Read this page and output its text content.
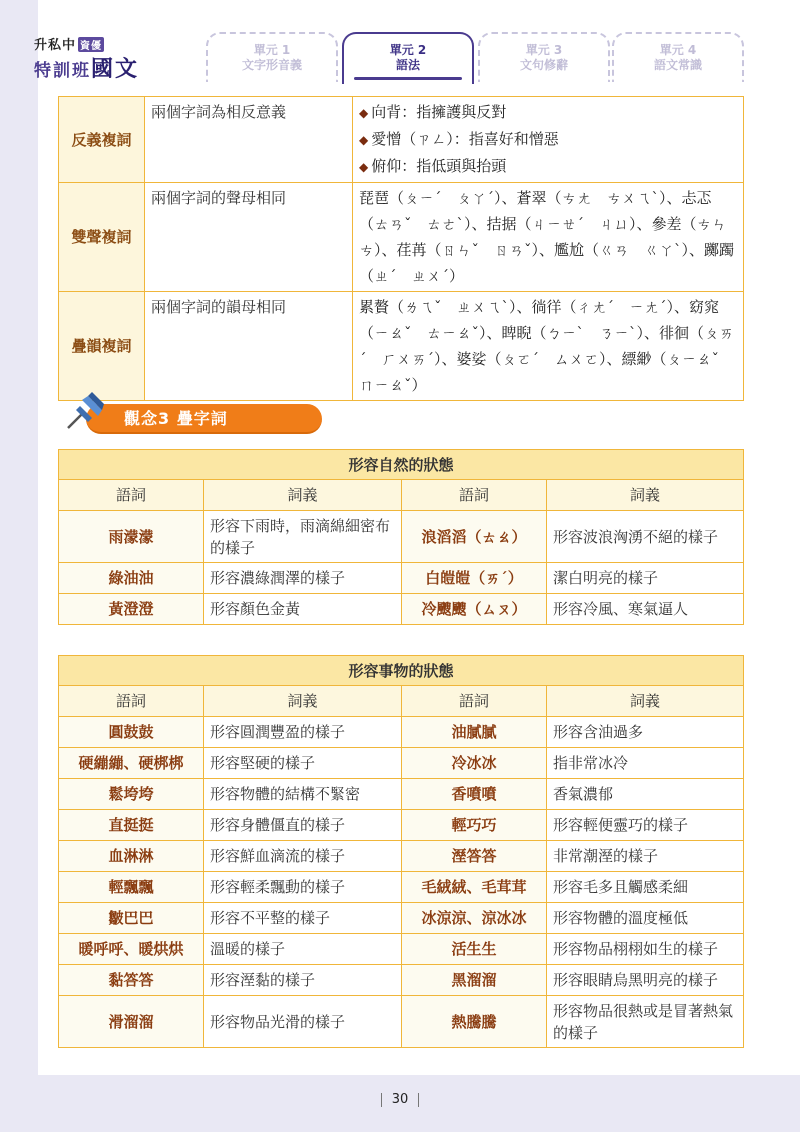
升私中 資優
特訓班國文
單元 1
文字形音義
單元 2
語法
單元 3
文句修辭
單元 4
語文常識
反義複詞	兩個字詞為相反意義	◆ 向背：指擁護與反對
◆ 愛憎（ㄗㄥ）：指喜好和憎惡
◆ 俯仰：指低頭與抬頭

雙聲複詞	兩個字詞的聲母相同	琵琶（ㄆㄧˊ　ㄆㄚˊ）、蒼翠（ㄘㄤ　ㄘㄨㄟˋ）、忐忑（ㄊㄢˇ　ㄊㄜˋ）、拮据（ㄐㄧㄝˊ　ㄐㄩ）、參差（ㄘㄣ　ㄘ）、荏苒（ㄖㄣˇ　ㄖㄢˇ）、尷尬（ㄍㄢ　ㄍㄚˋ）、躑躅（ㄓˊ　ㄓㄨˊ）
疊韻複詞	兩個字詞的韻母相同	累贅（ㄌㄟˇ　ㄓㄨㄟˋ）、徜徉（ㄔㄤˊ　ㄧㄤˊ）、窈窕（ㄧㄠˇ　ㄊㄧㄠˇ）、睥睨（ㄅㄧˋ　ㄋㄧˋ）、徘徊（ㄆㄞˊ　ㄏㄨㄞˊ）、婆娑（ㄆㄛˊ　ㄙㄨㄛ）、縹緲（ㄆㄧㄠˇ　ㄇㄧㄠˇ）
觀念3 疊字詞
形容自然的狀態			
語詞	詞義	語詞	詞義
雨濛濛	形容下雨時，雨滴綿細密布的樣子	浪滔滔（ㄊㄠ）	形容波浪洶湧不絕的樣子
綠油油	形容濃綠潤澤的樣子	白皚皚（ㄞˊ）	潔白明亮的樣子
黃澄澄	形容顏色金黃	冷颼颼（ㄙㄡ）	形容冷風、寒氣逼人
形容事物的狀態			
語詞	詞義	語詞	詞義
圓鼓鼓	形容圓潤豐盈的樣子	油膩膩	形容含油過多
硬繃繃、硬梆梆	形容堅硬的樣子	冷冰冰	指非常冰冷
鬆垮垮	形容物體的結構不緊密	香噴噴	香氣濃郁
直挺挺	形容身體僵直的樣子	輕巧巧	形容輕便靈巧的樣子
血淋淋	形容鮮血滴流的樣子	溼答答	非常潮溼的樣子
輕飄飄	形容輕柔飄動的樣子	毛絨絨、毛茸茸	形容毛多且觸感柔細
皺巴巴	形容不平整的樣子	冰涼涼、涼冰冰	形容物體的溫度極低
暖呼呼、暖烘烘	溫暖的樣子	活生生	形容物品栩栩如生的樣子
黏答答	形容溼黏的樣子	黑溜溜	形容眼睛烏黑明亮的樣子
滑溜溜	形容物品光滑的樣子	熱騰騰	形容物品很熱或是冒著熱氣的樣子
30
